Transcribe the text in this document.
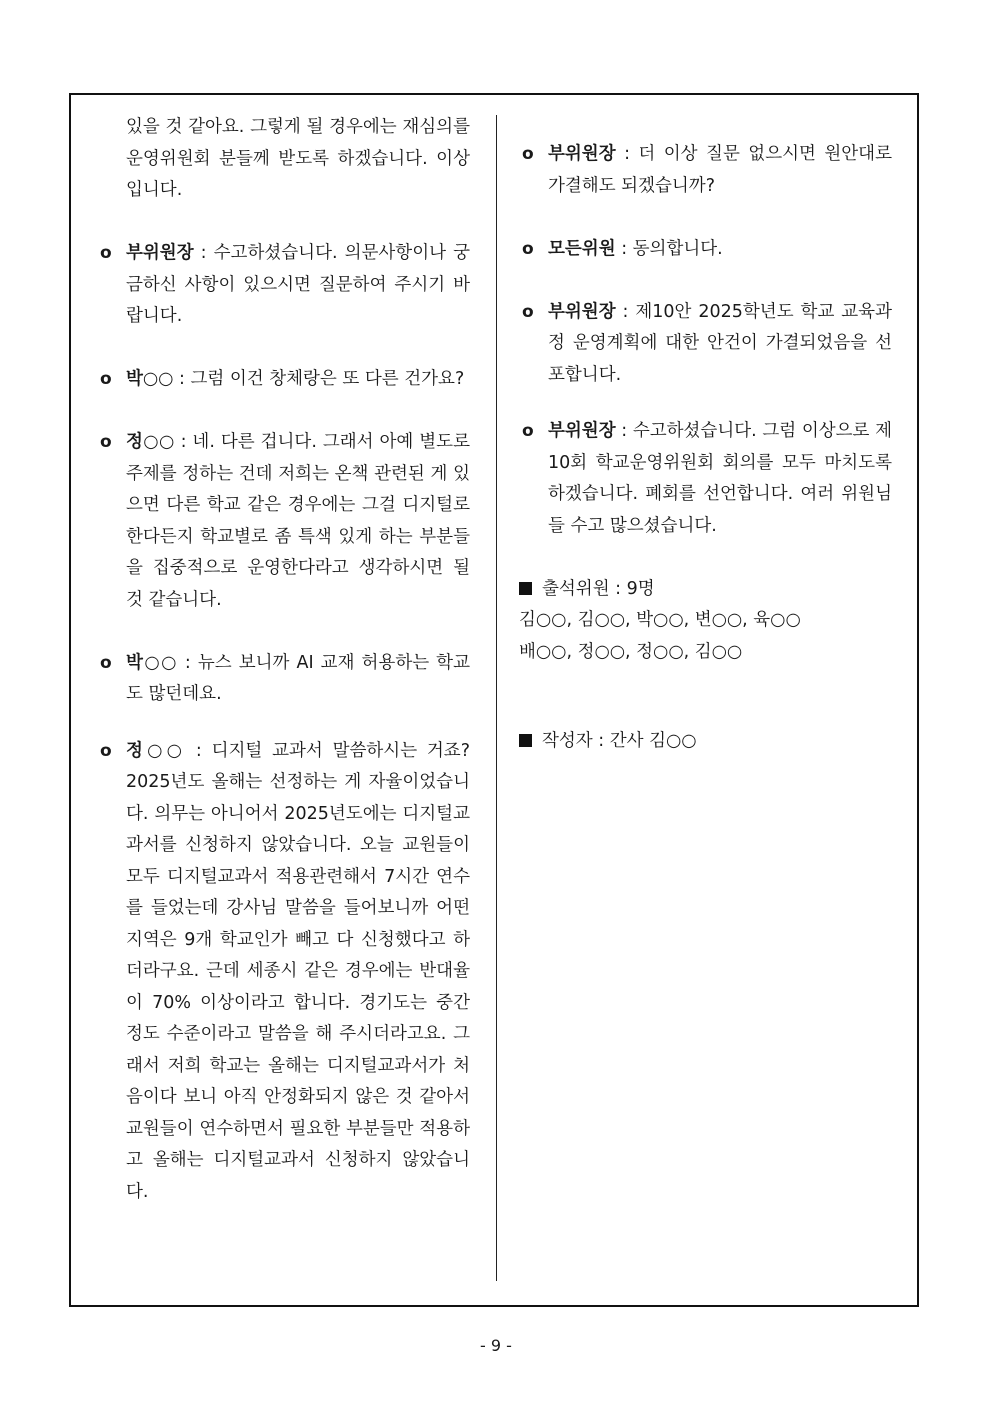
있을 것 같아요. 그렇게 될 경우에는 재심의를 운영위원회 분들께 받도록 하겠습니다. 이상입니다.
o 부위원장 : 수고하셨습니다. 의문사항이나 궁금하신 사항이 있으시면 질문하여 주시기 바랍니다.
o 박○○ : 그럼 이건 창체랑은 또 다른 건가요?
o 정○○ : 네. 다른 겁니다. 그래서 아예 별도로 주제를 정하는 건데 저희는 온책 관련된 게 있으면 다른 학교 같은 경우에는 그걸 디지털로 한다든지 학교별로 좀 특색 있게 하는 부분들을 집중적으로 운영한다라고 생각하시면 될 것 같습니다.
o 박○○ : 뉴스 보니까 AI 교재 허용하는 학교도 많던데요.
o 정○○ : 디지털 교과서 말씀하시는 거죠? 2025년도 올해는 선정하는 게 자율이었습니다. 의무는 아니어서 2025년도에는 디지털교과서를 신청하지 않았습니다. 오늘 교원들이 모두 디지털교과서 적용관련해서 7시간 연수를 들었는데 강사님 말씀을 들어보니까 어떤 지역은 9개 학교인가 빼고 다 신청했다고 하더라구요. 근데 세종시 같은 경우에는 반대율이 70% 이상이라고 합니다. 경기도는 중간 정도 수준이라고 말씀을 해 주시더라고요. 그래서 저희 학교는 올해는 디지털교과서가 처음이다 보니 아직 안정화되지 않은 것 같아서 교원들이 연수하면서 필요한 부분들만 적용하고 올해는 디지털교과서 신청하지 않았습니다.
o 부위원장 : 더 이상 질문 없으시면 원안대로 가결해도 되겠습니까?
o 모든위원 : 동의합니다.
o 부위원장 : 제10안 2025학년도 학교 교육과정 운영계획에 대한 안건이 가결되었음을 선포합니다.
o 부위원장 : 수고하셨습니다. 그럼 이상으로 제10회 학교운영위원회 회의를 모두 마치도록 하겠습니다. 폐회를 선언합니다. 여러 위원님들 수고 많으셨습니다.
출석위원 : 9명
김○○, 김○○, 박○○, 변○○, 육○○
배○○, 정○○, 정○○, 김○○
작성자 : 간사 김○○
- 9 -
